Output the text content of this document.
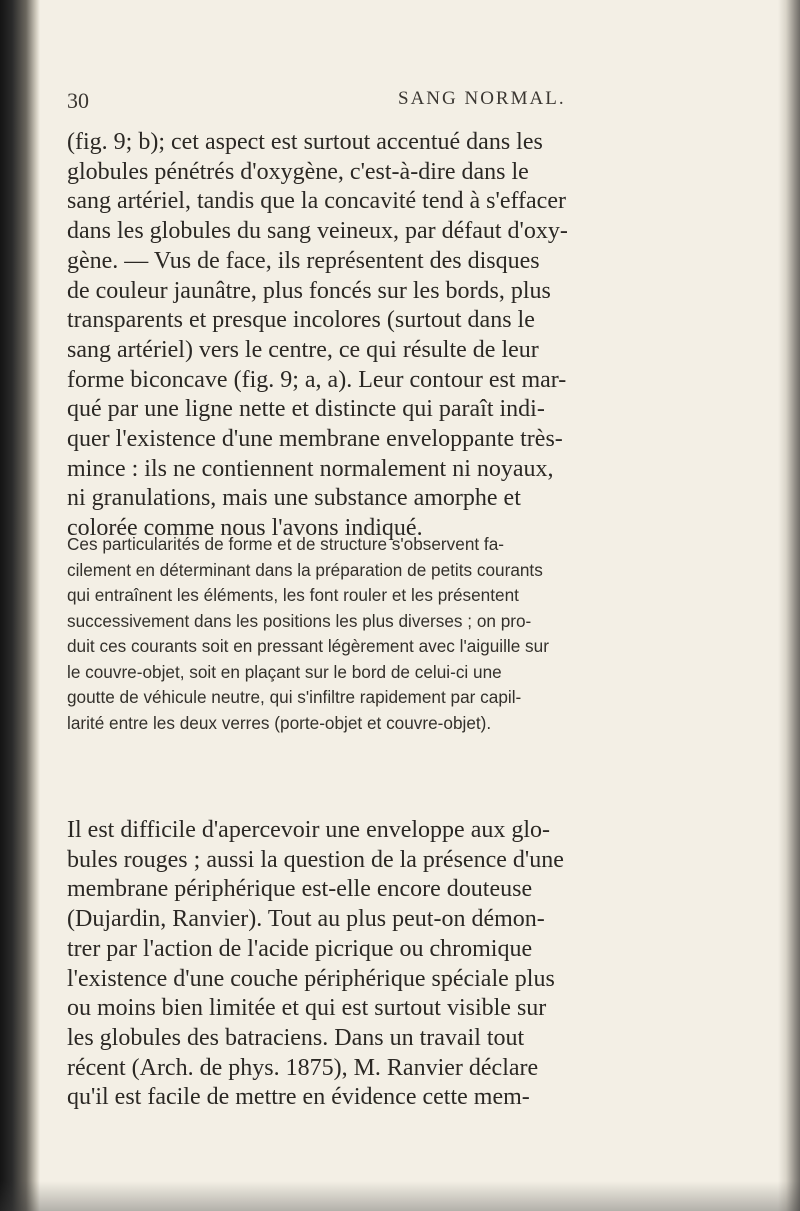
30	SANG NORMAL.
(fig. 9; b); cet aspect est surtout accentué dans les
globules pénétrés d'oxygène, c'est-à-dire dans le
sang artériel, tandis que la concavité tend à s'effacer
dans les globules du sang veineux, par défaut d'oxy-
gène. — Vus de face, ils représentent des disques
de couleur jaunâtre, plus foncés sur les bords, plus
transparents et presque incolores (surtout dans le
sang artériel) vers le centre, ce qui résulte de leur
forme biconcave (fig. 9; a, a). Leur contour est mar-
qué par une ligne nette et distincte qui paraît indi-
quer l'existence d'une membrane enveloppante très-
mince : ils ne contiennent normalement ni noyaux,
ni granulations, mais une substance amorphe et
colorée comme nous l'avons indiqué.
Ces particularités de forme et de structure s'observent fa-
cilement en déterminant dans la préparation de petits courants
qui entraînent les éléments, les font rouler et les présentent
successivement dans les positions les plus diverses ; on pro-
duit ces courants soit en pressant légèrement avec l'aiguille sur
le couvre-objet, soit en plaçant sur le bord de celui-ci une
goutte de véhicule neutre, qui s'infiltre rapidement par capil-
larité entre les deux verres (porte-objet et couvre-objet).
Il est difficile d'apercevoir une enveloppe aux glo-
bules rouges ; aussi la question de la présence d'une
membrane périphérique est-elle encore douteuse
(Dujardin, Ranvier). Tout au plus peut-on démon-
trer par l'action de l'acide picrique ou chromique
l'existence d'une couche périphérique spéciale plus
ou moins bien limitée et qui est surtout visible sur
les globules des batraciens. Dans un travail tout
récent (Arch. de phys. 1875), M. Ranvier déclare
qu'il est facile de mettre en évidence cette mem-
